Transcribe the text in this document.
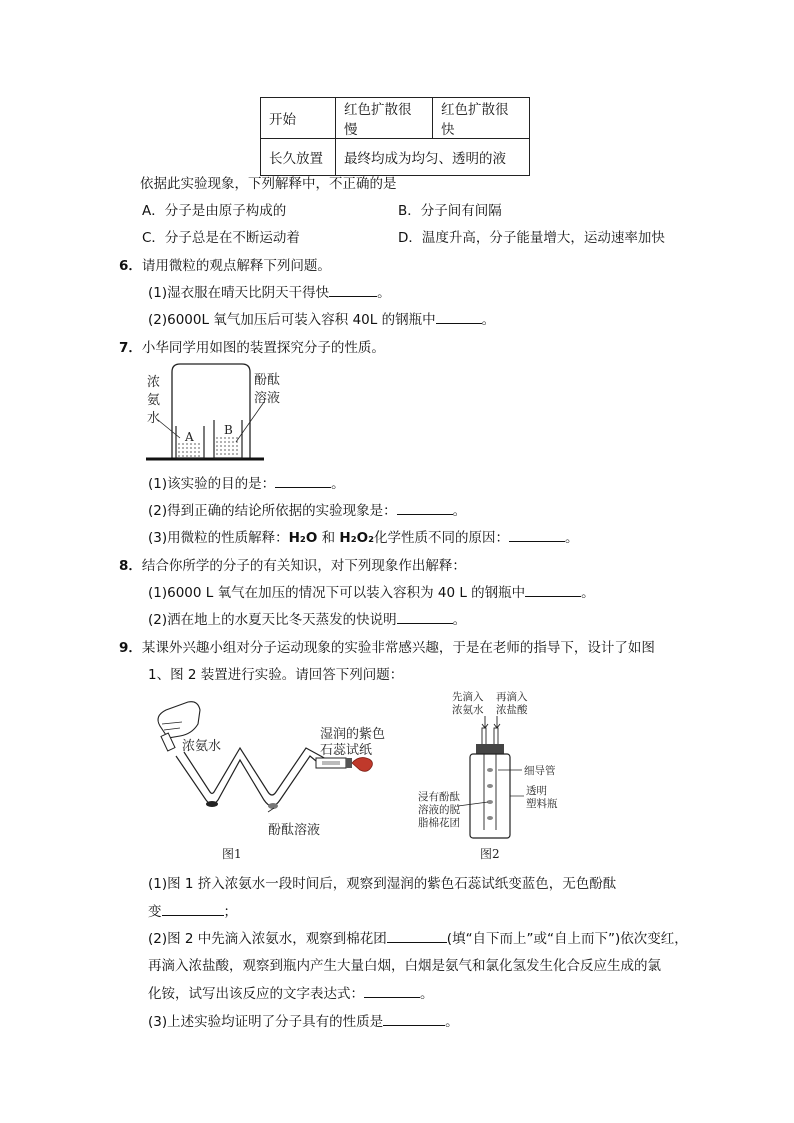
开始	红色扩散很慢	红色扩散很快
长久放置	最终均成为均匀、透明的液	
依据此实验现象，下列解释中，不正确的是
A．分子是由原子构成的	B．分子间有间隔
C．分子总是在不断运动着	D．温度升高，分子能量增大，运动速率加快
6．请用微粒的观点解释下列问题。
(1)湿衣服在晴天比阴天干得快	。
(2)6000L 氧气加压后可装入容积 40L 的钢瓶中	。
7．小华同学用如图的装置探究分子的性质。
A	B
浓
氨
水
酚酞
溶液
(1)该实验的目的是：	。
(2)得到正确的结论所依据的实验现象是：	。
(3)用微粒的性质解释：H₂O 和 H₂O₂化学性质不同的原因：	。
8．结合你所学的分子的有关知识，对下列现象作出解释：
(1)6000 L 氧气在加压的情况下可以装入容积为 40 L 的钢瓶中	。
(2)洒在地上的水夏天比冬天蒸发的快说明	。
9．某课外兴趣小组对分子运动现象的实验非常感兴趣，于是在老师的指导下，设计了如图
1、图 2 装置进行实验。请回答下列问题：
浓氨水
湿润的紫色
石蕊试纸
酚酞溶液
图1
先滴入
浓氨水
再滴入
浓盐酸
细导管
透明
塑料瓶
浸有酚酞
溶液的脱
脂棉花团
图2
(1)图 1 挤入浓氨水一段时间后，观察到湿润的紫色石蕊试纸变蓝色，无色酚酞
变	；
(2)图 2 中先滴入浓氨水，观察到棉花团	(填“自下而上”或“自上而下”)依次变红，
再滴入浓盐酸，观察到瓶内产生大量白烟，白烟是氨气和氯化氢发生化合反应生成的氯
化铵，试写出该反应的文字表达式：	。
(3)上述实验均证明了分子具有的性质是	。
